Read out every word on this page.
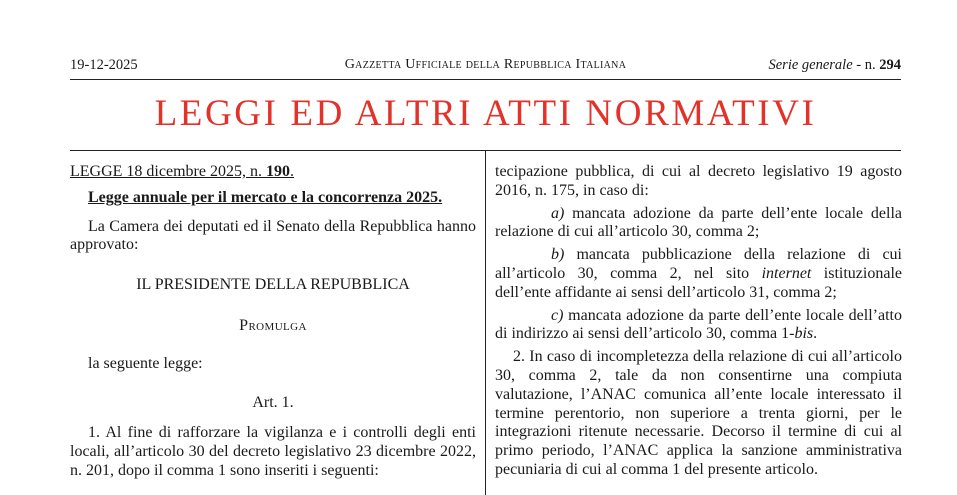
19-12-2025	Gazzetta Ufficiale della Repubblica Italiana	Serie generale - n. 294
LEGGI ED ALTRI ATTI NORMATIVI

LEGGE 18 dicembre 2025, n. 190.

Legge annuale per il mercato e la concorrenza 2025.

La Camera dei deputati ed il Senato della Repubblica hanno approvato:

IL PRESIDENTE DELLA REPUBBLICA

Promulga

la seguente legge:

Art. 1.

1. Al fine di rafforzare la vigilanza e i controlli degli enti locali, all’articolo 30 del decreto legislativo 23 dicembre 2022, n. 201, dopo il comma 1 sono inseriti i seguenti:

tecipazione pubblica, di cui al decreto legislativo 19 agosto 2016, n. 175, in caso di:

a) mancata adozione da parte dell’ente locale della relazione di cui all’articolo 30, comma 2;

b) mancata pubblicazione della relazione di cui all’articolo 30, comma 2, nel sito internet istituzionale dell’ente affidante ai sensi dell’articolo 31, comma 2;

c) mancata adozione da parte dell’ente locale dell’atto di indirizzo ai sensi dell’articolo 30, comma 1-bis.

2. In caso di incompletezza della relazione di cui all’articolo 30, comma 2, tale da non consentirne una compiuta valutazione, l’ANAC comunica all’ente locale interessato il termine perentorio, non superiore a trenta giorni, per le integrazioni ritenute necessarie. Decorso il termine di cui al primo periodo, l’ANAC applica la sanzione amministrativa pecuniaria di cui al comma 1 del presente articolo.
